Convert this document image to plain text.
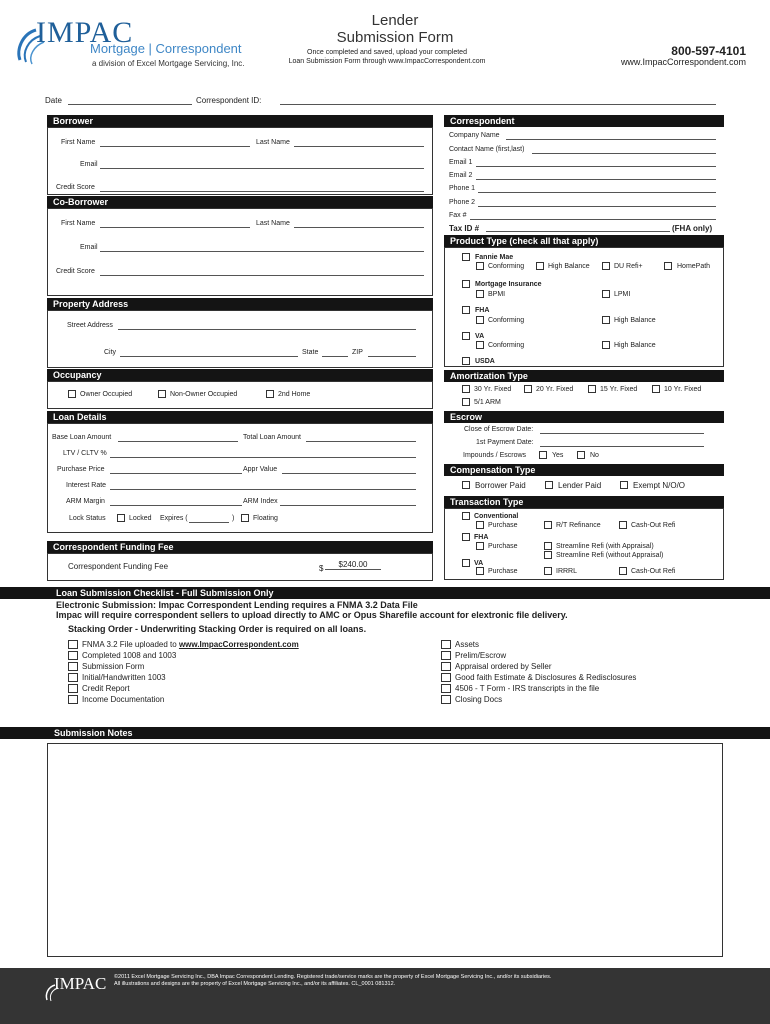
IMPAC
Mortgage | Correspondent
a division of Excel Mortgage Servicing, Inc.
Lender
Submission Form
Once completed and saved, upload your completed
Loan Submission Form through www.ImpacCorrespondent.com
800-597-4101
www.ImpacCorrespondent.com
Date	Correspondent ID:
Borrower
First Name	Last Name
Email
Credit Score
Co-Borrower
First Name	Last Name
Email
Credit Score
Property Address
Street Address
City	State	ZIP
Occupancy
Owner Occupied	Non-Owner Occupied	2nd Home
Loan Details
Base Loan Amount	Total Loan Amount
LTV / CLTV %
Purchase Price	Appr Value
Interest Rate
ARM Margin	ARM Index
Lock Status	Locked Expires (	)	Floating
Correspondent Funding Fee
Correspondent Funding Fee	$	$240.00
Correspondent
Company Name
Contact Name (first,last)
Email 1
Email 2
Phone 1
Phone 2
Fax #
Tax ID #	(FHA only)
Product Type (check all that apply)
Fannie Mae
Conforming	High Balance	DU Refi+	HomePath
Mortgage Insurance
BPMI	LPMI
FHA
Conforming	High Balance
VA
Conforming	High Balance
USDA
Amortization Type
30 Yr. Fixed	20 Yr. Fixed	15 Yr. Fixed	10 Yr. Fixed
5/1 ARM
Escrow
Close of Escrow Date:
1st Payment Date:
Impounds / Escrows	Yes	No
Compensation Type
Borrower Paid	Lender Paid	Exempt N/O/O
Transaction Type
Conventional
Purchase	R/T Refinance	Cash-Out Refi
FHA
Purchase	Streamline Refi (with Appraisal)
Streamline Refi (without Appraisal)
VA
Purchase	IRRRL	Cash-Out Refi
Loan Submission Checklist - Full Submission Only
Electronic Submission: Impac Correspondent Lending requires a FNMA 3.2 Data File
Impac will require correspondent sellers to upload directly to AMC or Opus Sharefile account for elextronic file delivery.
Stacking Order - Underwriting Stacking Order is required on all loans.
FNMA 3.2 File uploaded to www.ImpacCorrespondent.com
Completed 1008 and 1003
Submission Form
Initial/Handwritten 1003
Credit Report
Income Documentation
Assets
Prelim/Escrow
Appraisal ordered by Seller
Good faith Estimate & Disclosures & Redisclosures
4506 - T Form - IRS transcripts in the file
Closing Docs
Submission Notes
IMPAC ©2011 Excel Mortgage Servicing Inc., DBA Impac Correspondent Lending. Registered trade/service marks are the property of Excel Mortgage Servicing Inc., and/or its subsidiaries.
All illustrations and designs are the property of Excel Mortgage Servicing Inc., and/or its affiliates. CL_0001 081312.
